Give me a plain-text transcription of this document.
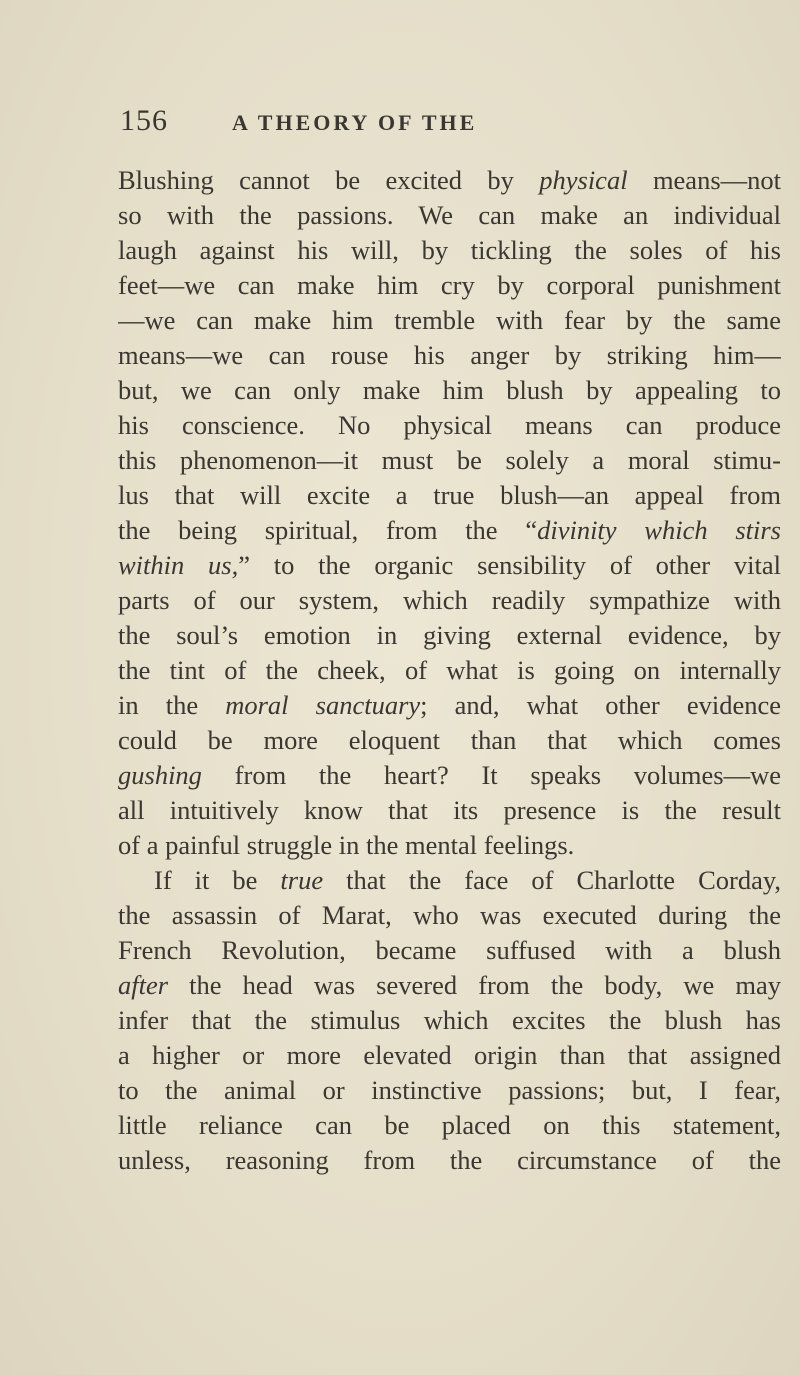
156	A THEORY OF THE
Blushing cannot be excited by physical means—not
so with the passions. We can make an individual
laugh against his will, by tickling the soles of his
feet—we can make him cry by corporal punishment
—we can make him tremble with fear by the same
means—we can rouse his anger by striking him—
but, we can only make him blush by appealing to
his conscience. No physical means can produce
this phenomenon—it must be solely a moral stimu-
lus that will excite a true blush—an appeal from
the being spiritual, from the “divinity which stirs
within us,” to the organic sensibility of other vital
parts of our system, which readily sympathize with
the soul’s emotion in giving external evidence, by
the tint of the cheek, of what is going on internally
in the moral sanctuary; and, what other evidence
could be more eloquent than that which comes
gushing from the heart? It speaks volumes—we
all intuitively know that its presence is the result
of a painful struggle in the mental feelings.
If it be true that the face of Charlotte Corday,
the assassin of Marat, who was executed during the
French Revolution, became suffused with a blush
after the head was severed from the body, we may
infer that the stimulus which excites the blush has
a higher or more elevated origin than that assigned
to the animal or instinctive passions; but, I fear,
little reliance can be placed on this statement,
unless, reasoning from the circumstance of the
